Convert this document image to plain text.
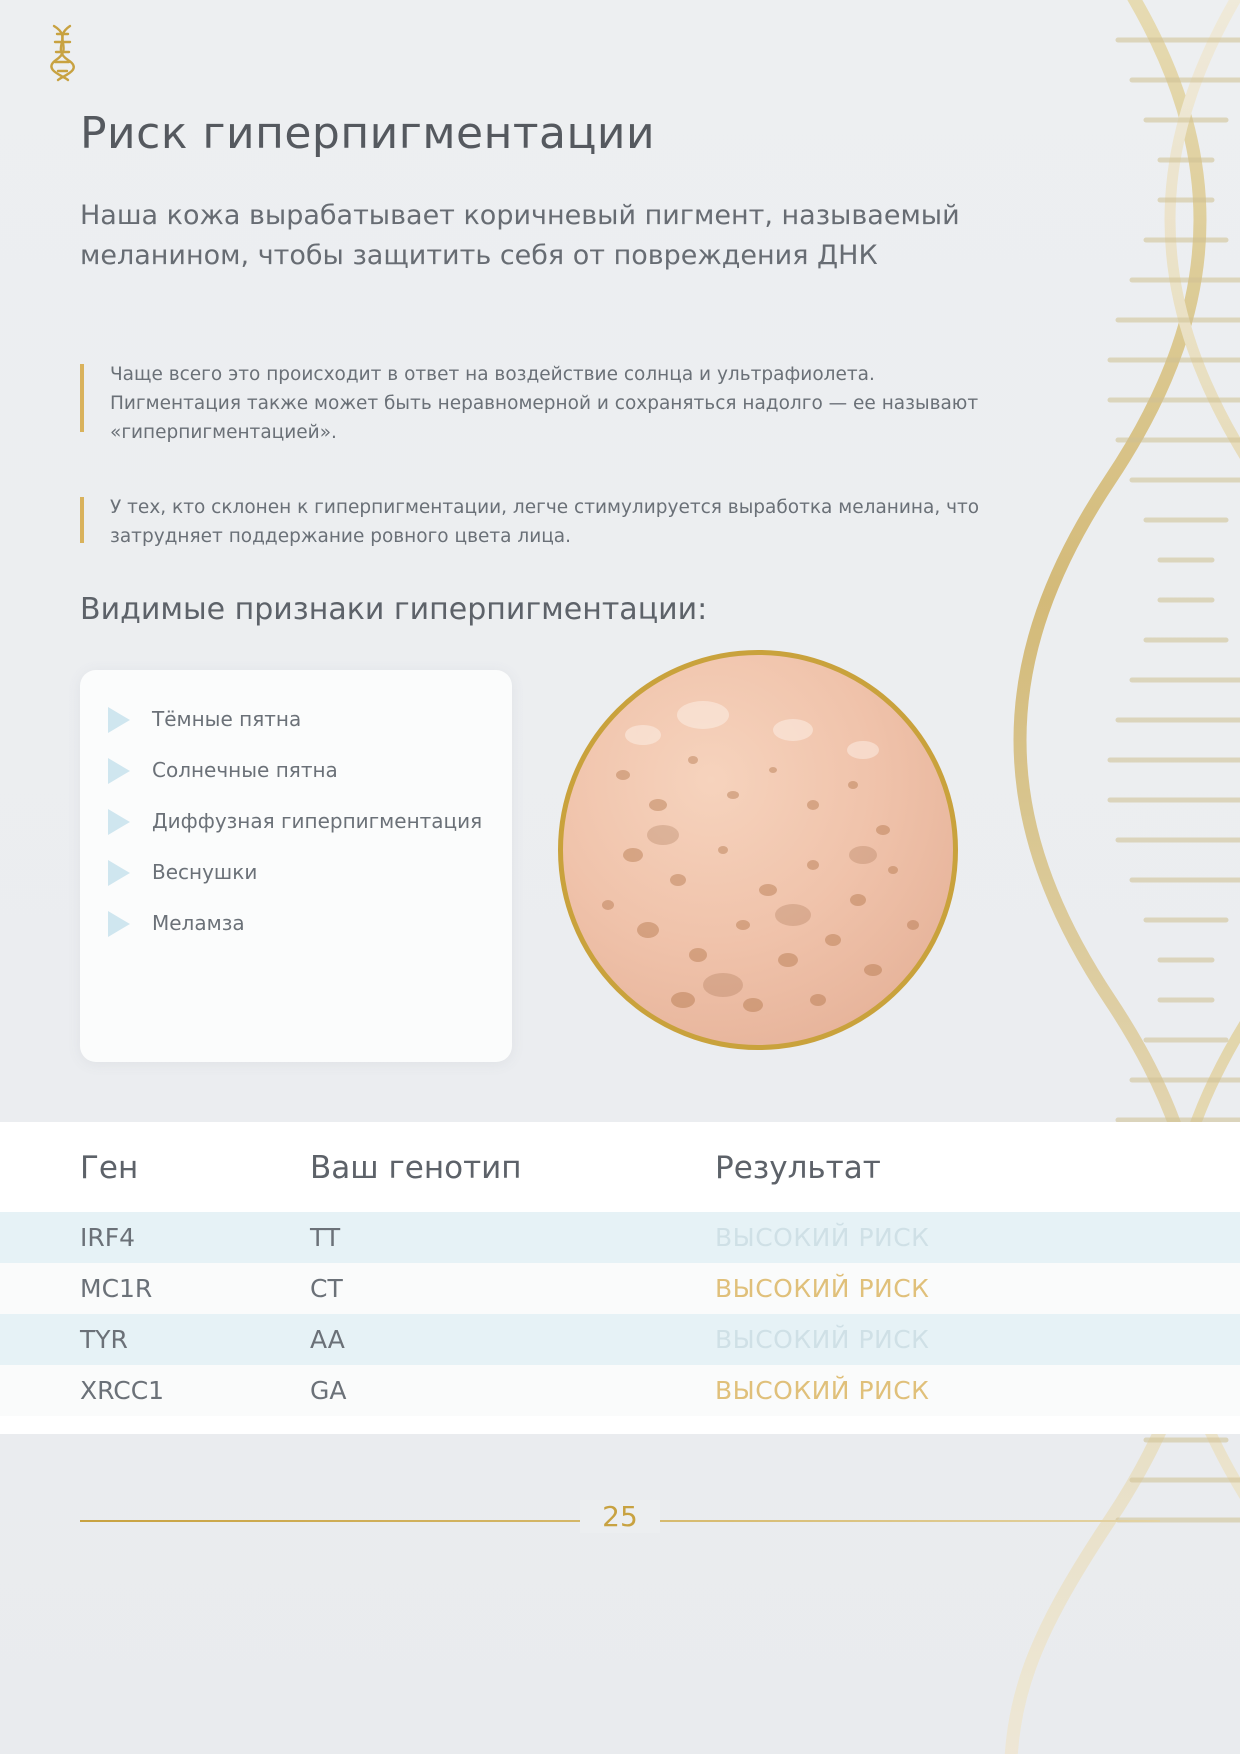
Риск гиперпигментации
Наша кожа вырабатывает коричневый пигмент, называемый меланином, чтобы защитить себя от повреждения ДНК

Чаще всего это происходит в ответ на воздействие солнца и ультрафиолета. Пигментация также может быть неравномерной и сохраняться надолго — ее называют «гиперпигментацией».

У тех, кто склонен к гиперпигментации, легче стимулируется выработка меланина, что затрудняет поддержание ровного цвета лица.

Видимые признаки гиперпигментации:
Тёмные пятна
Солнечные пятна
Диффузная гиперпигментация
Веснушки
Меламза
Ген	Ваш генотип	Результат
IRF4	TT	ВЫСОКИЙ РИСК
MC1R	CT	ВЫСОКИЙ РИСК
TYR	AA	ВЫСОКИЙ РИСК
XRCC1	GA	ВЫСОКИЙ РИСК
25
